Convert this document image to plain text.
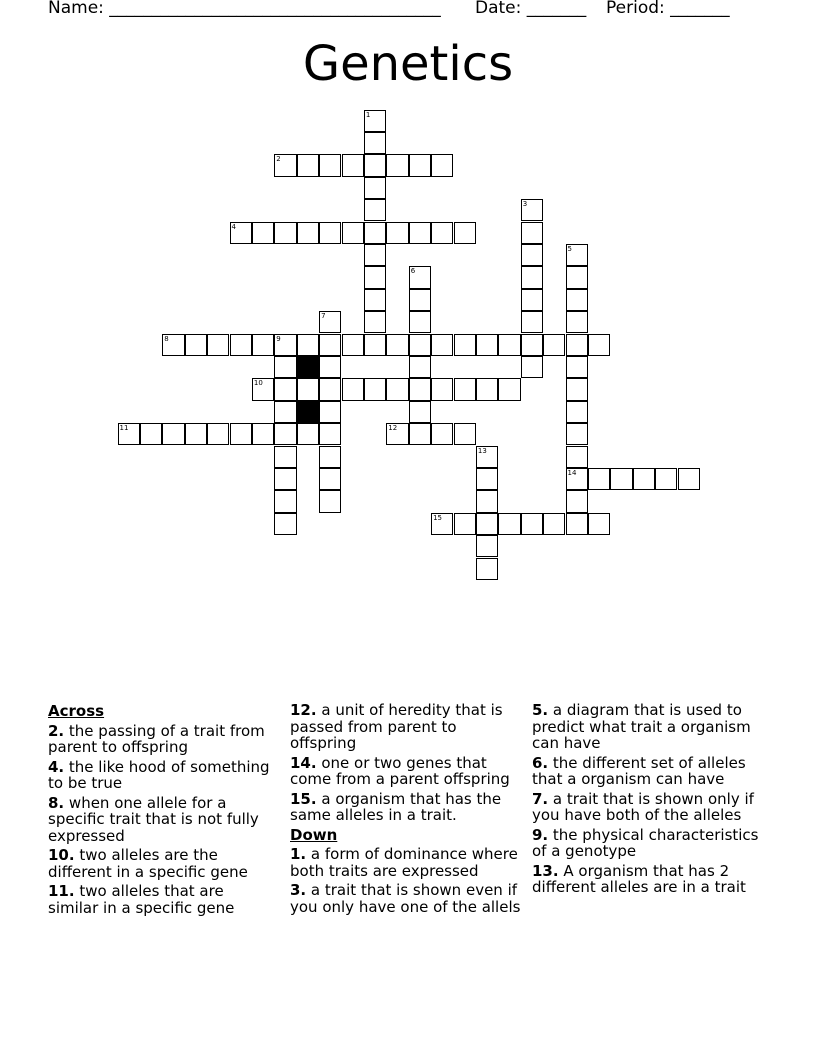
Name: _______________________________________ Date: _______ Period: _______
Genetics
1
2
3
4
5
14
6
7
8	9
10
11	12
13
15
Across
2. the passing of a trait from parent to offspring
4. the like hood of something to be true
8. when one allele for a specific trait that is not fully expressed
10. two alleles are the different in a specific gene
11. two alleles that are similar in a specific gene
12. a unit of heredity that is passed from parent to offspring
14. one or two genes that come from a parent offspring
15. a organism that has the same alleles in a trait.
Down
1. a form of dominance where both traits are expressed
3. a trait that is shown even if you only have one of the allels
5. a diagram that is used to predict what trait a organism can have
6. the different set of alleles that a organism can have
7. a trait that is shown only if you have both of the alleles
9. the physical characteristics of a genotype
13. A organism that has 2 different alleles are in a trait
